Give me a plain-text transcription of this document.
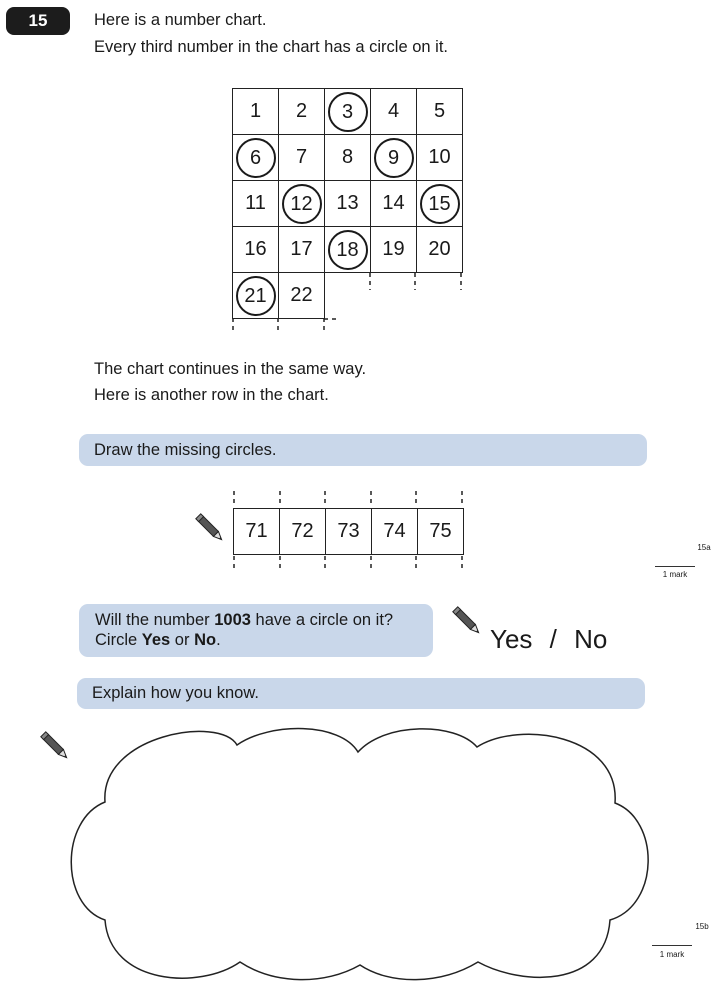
15	Here is a number chart.
Every third number in the chart has a circle on it.
1	2	3	4	5
6	7	8	9	10
11	12	13	14	15
16	17	18	19	20
21	22			
The chart continues in the same way.
Here is another row in the chart.
Draw the missing circles.
71	72	73	74	75
15a
1 mark
Will the number 1003 have a circle on it?
Circle Yes or No.	Yes / No
Explain how you know.
15b
1 mark
